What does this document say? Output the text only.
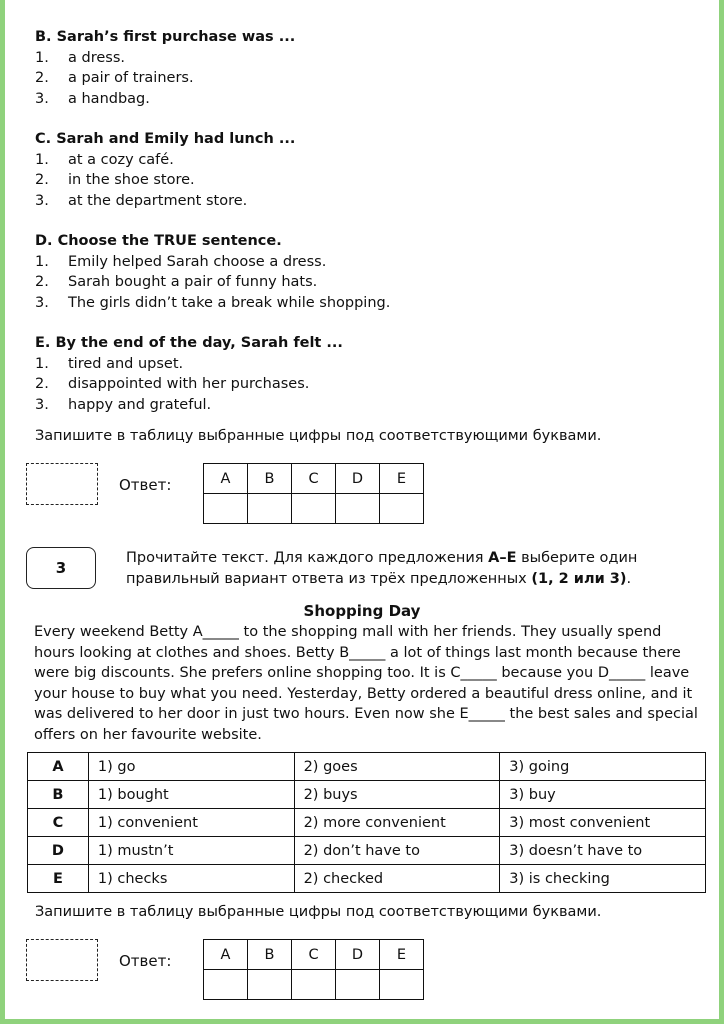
B. Sarah’s first purchase was ...
1.	a dress.
2.	a pair of trainers.
3.	a handbag.
C. Sarah and Emily had lunch ...
1.	at a cozy café.
2.	in the shoe store.
3.	at the department store.
D. Choose the TRUE sentence.
1.	Emily helped Sarah choose a dress.
2.	Sarah bought a pair of funny hats.
3.	The girls didn’t take a break while shopping.
E. By the end of the day, Sarah felt ...
1.	tired and upset.
2.	disappointed with her purchases.
3.	happy and grateful.
Запишите в таблицу выбранные цифры под соответствующими буквами.
Ответ:	A	B	C	D	E

3
Прочитайте текст. Для каждого предложения A–E выберите один правильный вариант ответа из трёх предложенных (1, 2 или 3).
Shopping Day
Every weekend Betty A_____ to the shopping mall with her friends. They usually spend hours looking at clothes and shoes. Betty B_____ a lot of things last month because there were big discounts. She prefers online shopping too. It is C_____ because you D_____ leave your house to buy what you need. Yesterday, Betty ordered a beautiful dress online, and it was delivered to her door in just two hours. Even now she E_____ the best sales and special offers on her favourite website.
A	1) go	2) goes	3) going
B	1) bought	2) buys	3) buy
C	1) convenient	2) more convenient	3) most convenient
D	1) mustn’t	2) don’t have to	3) doesn’t have to
E	1) checks	2) checked	3) is checking
Запишите в таблицу выбранные цифры под соответствующими буквами.
Ответ:	A	B	C	D	E
